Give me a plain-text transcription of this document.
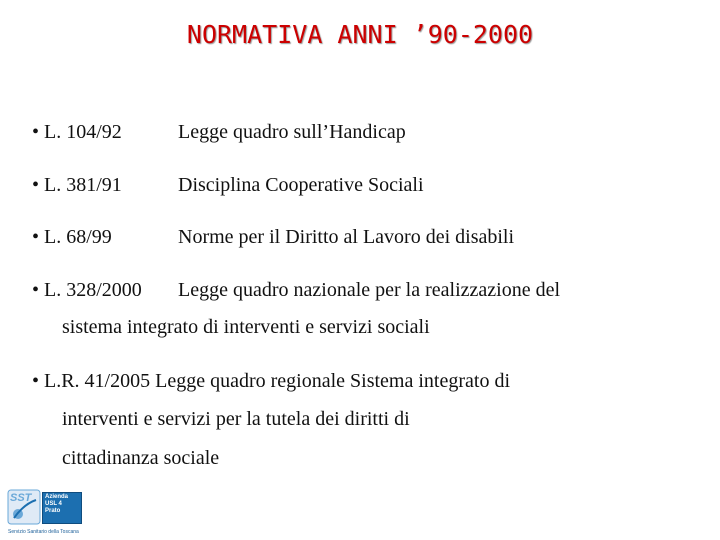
NORMATIVA ANNI ’90-2000
• L. 104/92	Legge quadro sull’Handicap
• L. 381/91	Disciplina Cooperative Sociali
• L. 68/99	Norme per il Diritto al Lavoro dei disabili
• L. 328/2000 Legge quadro nazionale per la realizzazione del
sistema integrato di interventi e servizi sociali
• L.R. 41/2005 Legge quadro regionale Sistema integrato di
interventi e servizi per la tutela dei diritti di
cittadinanza sociale
SST Azienda
USL 4
Prato
Servizio Sanitario della Toscana
